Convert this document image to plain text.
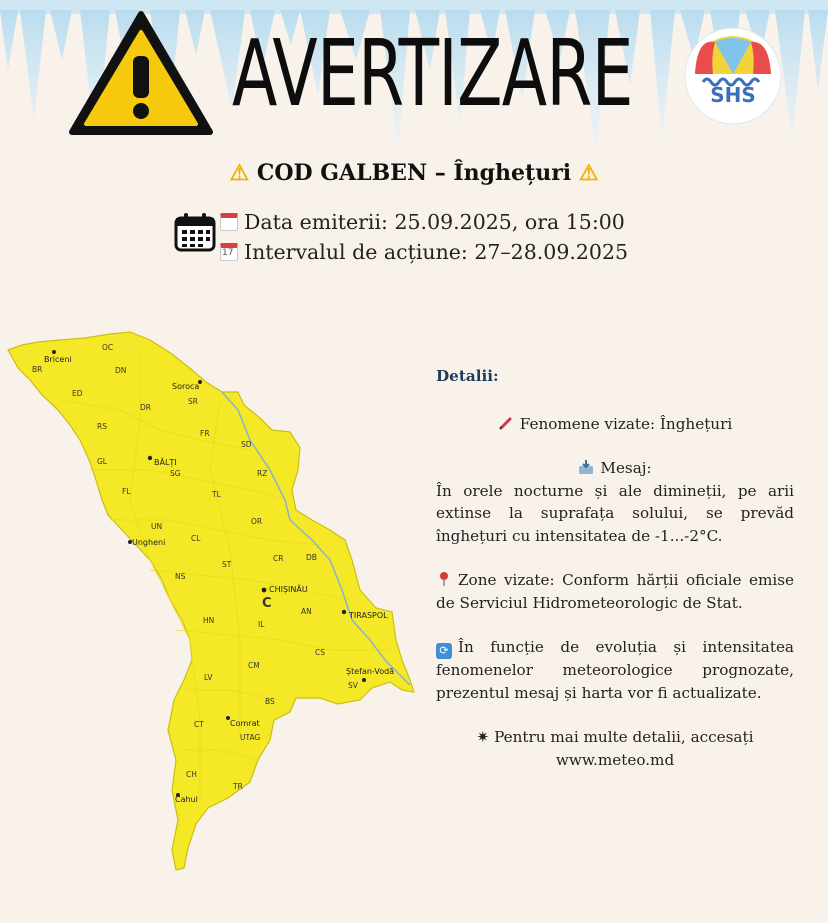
AVERTIZARE	SHS
⚠ COD GALBEN – Înghețuri ⚠
Data emiterii: 25.09.2025, ora 15:00
17Intervalul de acțiune: 27–28.09.2025
OC
BR	DN
ED
SR
DR
RS
FR
SD
GL
SG	RZ
FL	TL
UN
OR
CL
CR	DB
NS
ST
HN	IL
AN
CS
LV
CM
SV
BS
CT
UTAG
CH
TR
Briceni
Soroca
BĂLȚI
Ungheni
CHIȘINĂU
TIRASPOL
Ștefan-Vodă
Comrat
Cahul
C
Detalii:
Fenomene vizate: Înghețuri
Mesaj:
În orele nocturne și ale dimineții, pe arii extinse la suprafața solului, se prevăd înghețuri cu intensitatea de -1...-2°C.
Zone vizate: Conform hărții oficiale emise de Serviciul Hidrometeorologic de Stat.
⟳ În funcție de evoluția și intensitatea fenomenelor meteorologice prognozate, prezentul mesaj și harta vor fi actualizate.
✷ Pentru mai multe detalii, accesați
www.meteo.md
